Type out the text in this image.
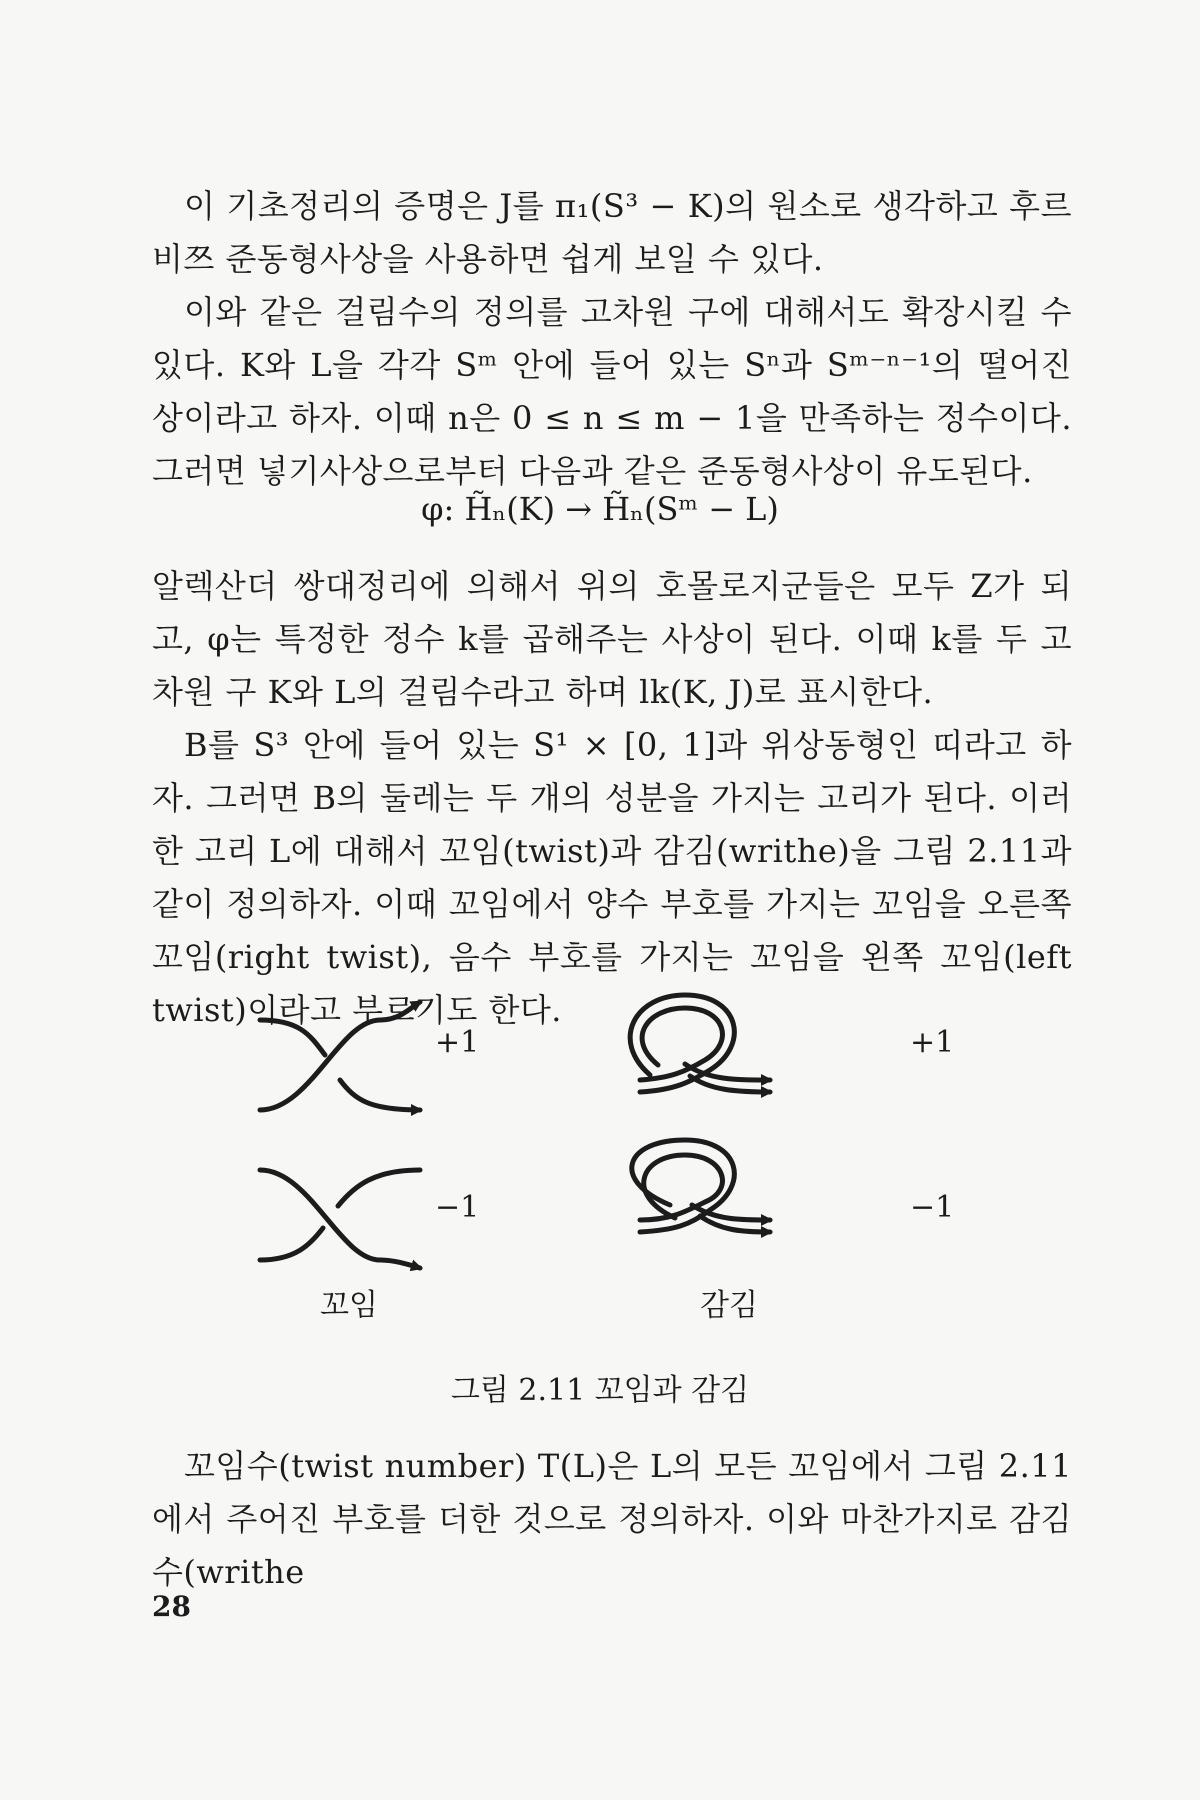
이 기초정리의 증명은 J를 π₁(S³ − K)의 원소로 생각하고 후르비쯔 준동형사상을 사용하면 쉽게 보일 수 있다.

이와 같은 걸림수의 정의를 고차원 구에 대해서도 확장시킬 수 있다. K와 L을 각각 Sᵐ 안에 들어 있는 Sⁿ과 Sᵐ⁻ⁿ⁻¹의 떨어진 상이라고 하자. 이때 n은 0 ≤ n ≤ m − 1을 만족하는 정수이다. 그러면 넣기사상으로부터 다음과 같은 준동형사상이 유도된다.

φ: H̃ₙ(K) → H̃ₙ(Sᵐ − L)

알렉산더 쌍대정리에 의해서 위의 호몰로지군들은 모두 Z가 되고, φ는 특정한 정수 k를 곱해주는 사상이 된다. 이때 k를 두 고차원 구 K와 L의 걸림수라고 하며 lk(K, J)로 표시한다.

B를 S³ 안에 들어 있는 S¹ × [0, 1]과 위상동형인 띠라고 하자. 그러면 B의 둘레는 두 개의 성분을 가지는 고리가 된다. 이러한 고리 L에 대해서 꼬임(twist)과 감김(writhe)을 그림 2.11과 같이 정의하자. 이때 꼬임에서 양수 부호를 가지는 꼬임을 오른쪽 꼬임(right twist), 음수 부호를 가지는 꼬임을 왼쪽 꼬임(left twist)이라고 부르기도 한다.

+1
−1
+1
−1
꼬임	감김
그림 2.11 꼬임과 감김

꼬임수(twist number) T(L)은 L의 모든 꼬임에서 그림 2.11에서 주어진 부호를 더한 것으로 정의하자. 이와 마찬가지로 감김수(writhe

28
